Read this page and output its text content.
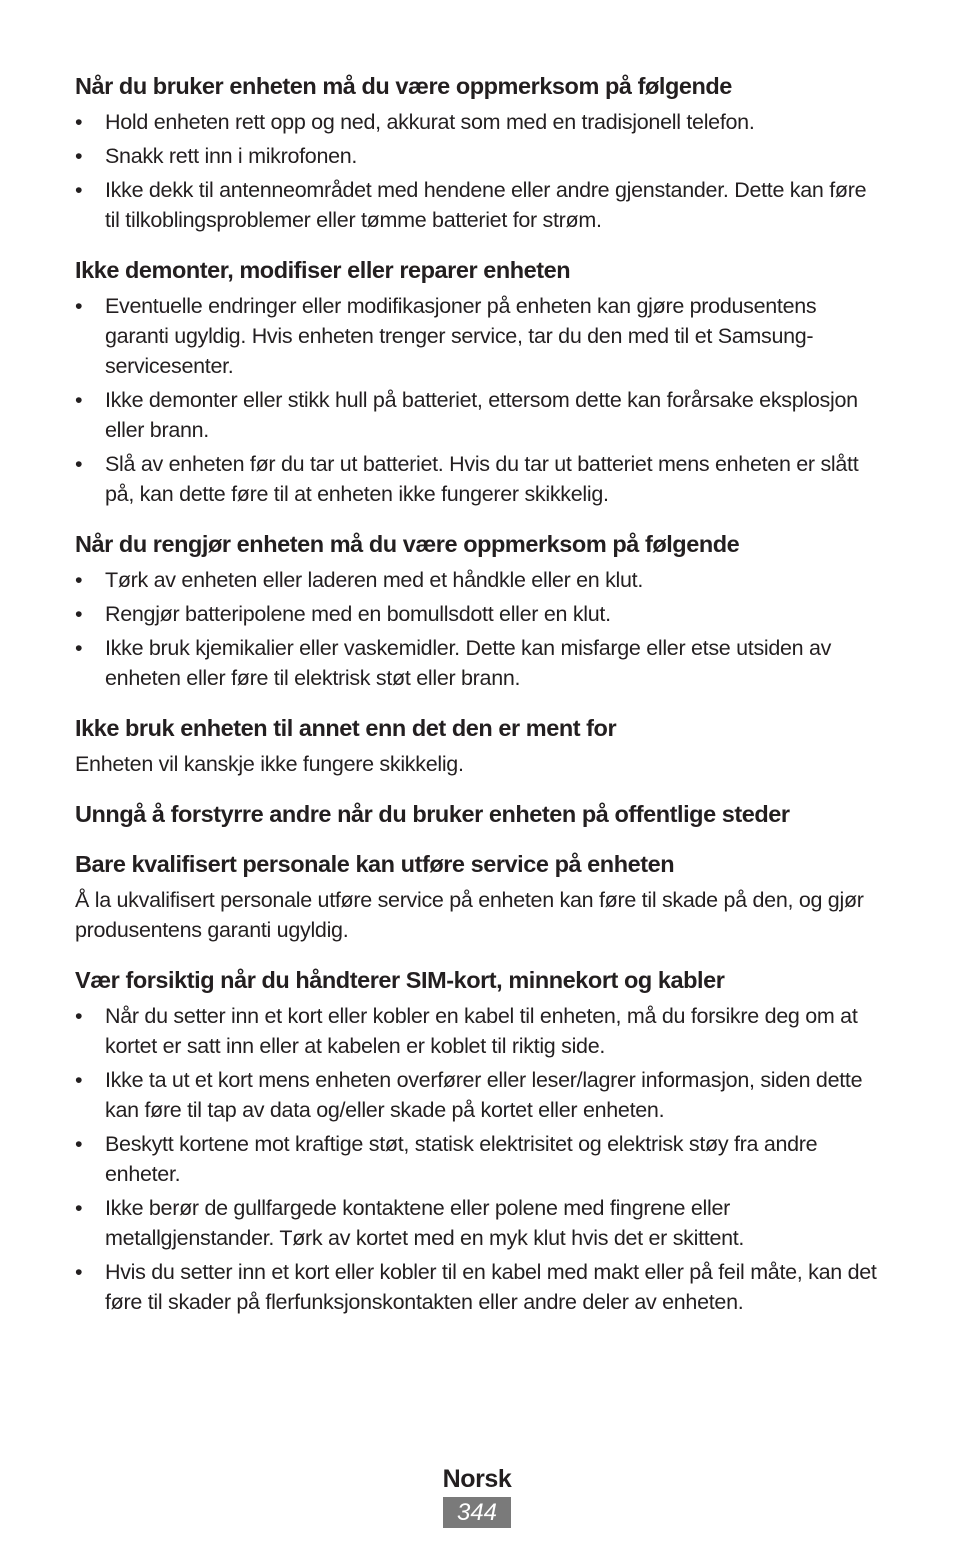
Når du bruker enheten må du være oppmerksom på følgende
• Hold enheten rett opp og ned, akkurat som med en tradisjonell telefon.
• Snakk rett inn i mikrofonen.
• Ikke dekk til antenneområdet med hendene eller andre gjenstander. Dette kan føre til tilkoblingsproblemer eller tømme batteriet for strøm.
Ikke demonter, modifiser eller reparer enheten
• Eventuelle endringer eller modifikasjoner på enheten kan gjøre produsentens garanti ugyldig. Hvis enheten trenger service, tar du den med til et Samsung-servicesenter.
• Ikke demonter eller stikk hull på batteriet, ettersom dette kan forårsake eksplosjon eller brann.
• Slå av enheten før du tar ut batteriet. Hvis du tar ut batteriet mens enheten er slått på, kan dette føre til at enheten ikke fungerer skikkelig.
Når du rengjør enheten må du være oppmerksom på følgende
• Tørk av enheten eller laderen med et håndkle eller en klut.
• Rengjør batteripolene med en bomullsdott eller en klut.
• Ikke bruk kjemikalier eller vaskemidler. Dette kan misfarge eller etse utsiden av enheten eller føre til elektrisk støt eller brann.
Ikke bruk enheten til annet enn det den er ment for

Enheten vil kanskje ikke fungere skikkelig.

Unngå å forstyrre andre når du bruker enheten på offentlige steder
Bare kvalifisert personale kan utføre service på enheten

Å la ukvalifisert personale utføre service på enheten kan føre til skade på den, og gjør produsentens garanti ugyldig.

Vær forsiktig når du håndterer SIM-kort, minnekort og kabler
• Når du setter inn et kort eller kobler en kabel til enheten, må du forsikre deg om at kortet er satt inn eller at kabelen er koblet til riktig side.
• Ikke ta ut et kort mens enheten overfører eller leser/lagrer informasjon, siden dette kan føre til tap av data og/eller skade på kortet eller enheten.
• Beskytt kortene mot kraftige støt, statisk elektrisitet og elektrisk støy fra andre enheter.
• Ikke berør de gullfargede kontaktene eller polene med fingrene eller metallgjenstander. Tørk av kortet med en myk klut hvis det er skittent.
• Hvis du setter inn et kort eller kobler til en kabel med makt eller på feil måte, kan det føre til skader på flerfunksjonskontakten eller andre deler av enheten.
Norsk
344
